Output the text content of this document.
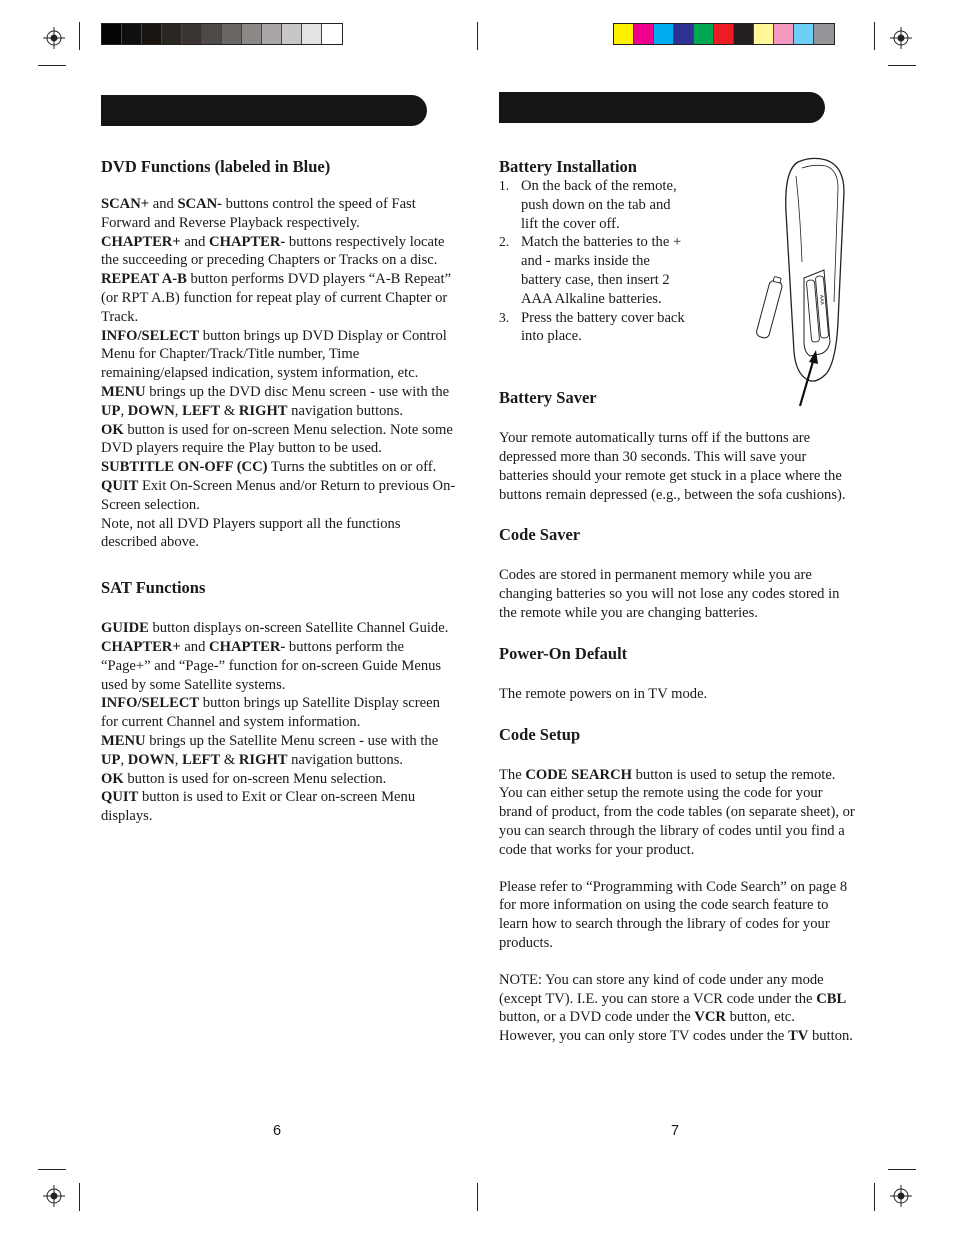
DVD Functions (labeled in Blue)

SCAN+ and SCAN- buttons control the speed of Fast Forward and Reverse Playback respectively.

CHAPTER+ and CHAPTER- buttons respectively locate the succeeding or preceding Chapters or Tracks on a disc.

REPEAT A-B button performs DVD players “A-B Repeat” (or RPT A.B) function for repeat play of current Chapter or Track.

INFO/SELECT button brings up DVD Display or Control Menu for Chapter/Track/Title number, Time remaining/elapsed indication, system information, etc.

MENU brings up the DVD disc Menu screen - use with the UP, DOWN, LEFT & RIGHT navigation buttons.

OK button is used for on-screen Menu selection. Note some DVD players require the Play button to be used.

SUBTITLE ON-OFF (CC) Turns the subtitles on or off.

QUIT Exit On-Screen Menus and/or Return to previous On-Screen selection.

Note, not all DVD Players support all the functions described above.

SAT Functions

GUIDE button displays on-screen Satellite Channel Guide.

CHAPTER+ and CHAPTER- buttons perform the “Page+” and “Page-” function for on-screen Guide Menus used by some Satellite systems.

INFO/SELECT button brings up Satellite Display screen for current Channel and system information.

MENU brings up the Satellite Menu screen - use with the UP, DOWN, LEFT & RIGHT navigation buttons.

OK button is used for on-screen Menu selection.

QUIT button is used to Exit or Clear on-screen Menu displays.

Battery Installation
1. On the back of the remote, push down on the tab and lift the cover off.
2. Match the batteries to the + and - marks inside the battery case, then insert 2 AAA Alkaline batteries.
3. Press the battery cover back into place.
Battery Saver

Your remote automatically turns off if the buttons are depressed more than 30 seconds. This will save your batteries should your remote get stuck in a place where the buttons remain depressed (e.g., between the sofa cushions).

Code Saver

Codes are stored in permanent memory while you are changing batteries so you will not lose any codes stored in the remote while you are changing batteries.

Power-On Default

The remote powers on in TV mode.

Code Setup

The CODE SEARCH button is used to setup the remote. You can either setup the remote using the code for your brand of product, from the code tables (on separate sheet), or you can search through the library of codes until you find a code that works for your product.

Please refer to “Programming with Code Search” on page 8 for more information on using the code search feature to learn how to search through the library of codes for your products.

NOTE: You can store any kind of code under any mode (except TV). I.E. you can store a VCR code under the CBL button, or a DVD code under the VCR button, etc. However, you can only store TV codes under the TV button.

AAA
6	7
